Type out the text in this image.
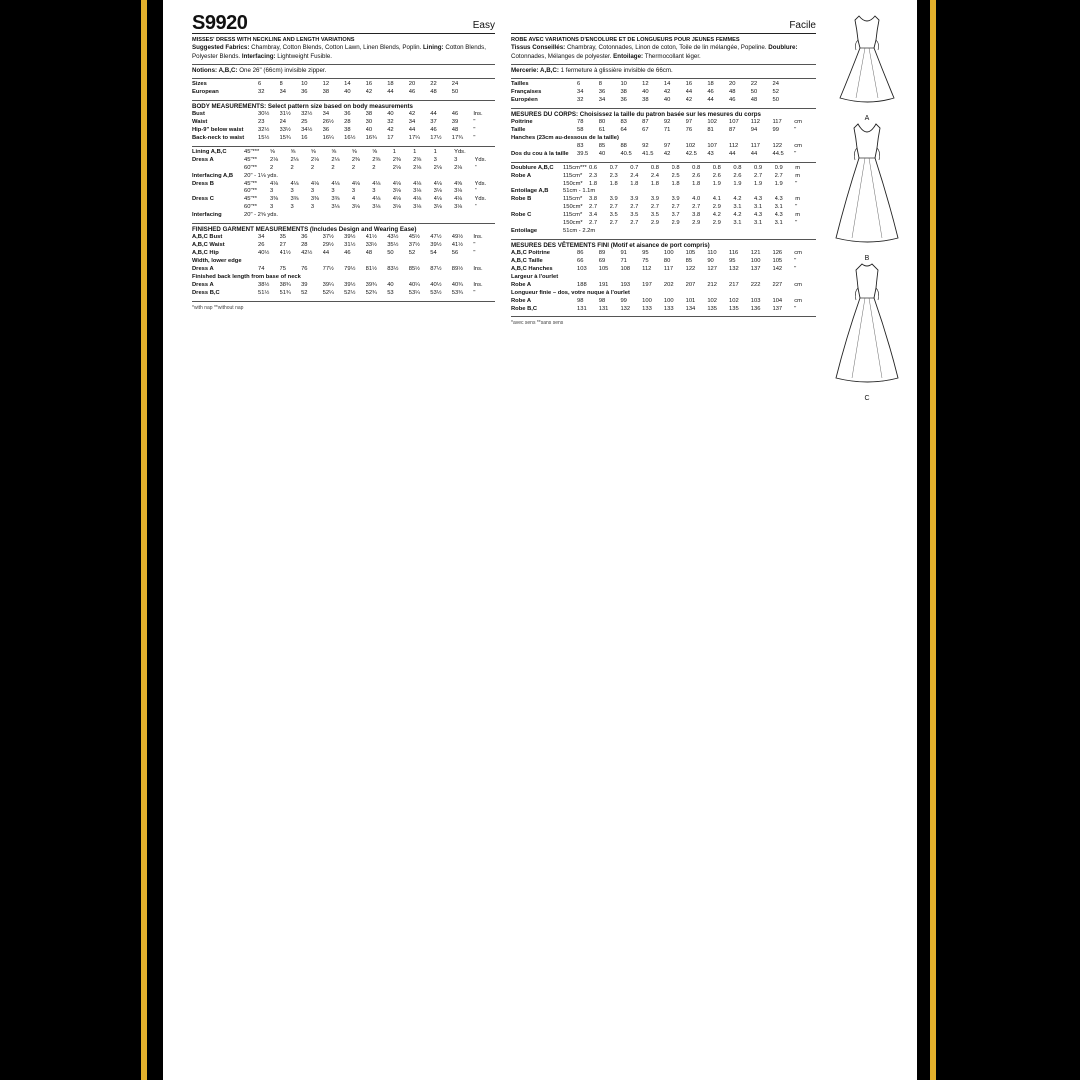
S9920	Easy
MISSES' DRESS WITH NECKLINE AND LENGTH VARIATIONS

Suggested Fabrics: Chambray, Cotton Blends, Cotton Lawn, Linen Blends, Poplin. Lining: Cotton Blends, Polyester Blends. Interfacing: Lightweight Fusible.

Notions: A,B,C: One 26" (66cm) invisible zipper.
Sizes	6	8	10	12	14	16	18	20	22	24
European	32	34	36	38	40	42	44	46	48	50
BODY MEASUREMENTS: Select pattern size based on body measurements
Bust	30½	31½	32½	34	36	38	40	42	44	46	Ins.
Waist	23	24	25	26½	28	30	32	34	37	39	"
Hip-9" below waist	32½	33½	34½	36	38	40	42	44	46	48	"
Back-neck to waist	15½	15¾	16	16¼	16½	16¾	17	17¼	17½	17¾	"
Lining A,B,C	45"***	⅝	⅝	⅝	⅝	⅝	⅝	1	1	1	Yds.	
Dress A	45"**	2⅛	2⅛	2⅛	2⅛	2⅜	2⅜	2⅜	2⅜	3	3	Yds.
	60"**	2	2	2	2	2	2	2⅛	2⅛	2⅛	2⅛	"
Interfacing A,B	20" - 1⅛ yds.											
Dress B	45"**	4⅛	4⅛	4⅛	4⅛	4⅛	4⅛	4⅛	4⅛	4⅛	4⅝	Yds.
	60"**	3	3	3	3	3	3	3⅛	3⅛	3⅛	3⅛	"
Dress C	45"**	3⅜	3⅜	3⅜	3⅜	4	4⅛	4⅛	4⅛	4⅛	4⅛	Yds.
	60"**	3	3	3	3⅛	3⅛	3⅛	3⅛	3⅛	3⅛	3⅛	"
Interfacing	20" - 2⅝ yds.											
FINISHED GARMENT MEASUREMENTS (Includes Design and Wearing Ease)
A,B,C Bust	34	35	36	37½	39½	41½	43½	45½	47½	49½	Ins.
A,B,C Waist	26	27	28	29½	31½	33½	35½	37½	39½	41½	"
A,B,C Hip	40½	41½	42½	44	46	48	50	52	54	56	"
Width, lower edge											
Dress A	74	75	76	77½	79½	81½	83½	85½	87½	89½	Ins.
Finished back length from base of neck											
Dress A	38½	38¾	39	39¼	39½	39¾	40	40¼	40½	40¾	Ins.
Dress B,C	51½	51¾	52	52¼	52½	52¾	53	53¼	53½	53¾	"
*with nap **without nap
Facile
ROBE AVEC VARIATIONS D'ENCOLURE ET DE LONGUEURS POUR JEUNES FEMMES

Tissus Conseillés: Chambray, Cotonnades, Linon de coton, Toile de lin mélangée, Popeline. Doublure: Cotonnades, Mélanges de polyester. Entoilage: Thermocollant léger.

Mercerie: A,B,C: 1 fermeture à glissière invisible de 66cm.
Tailles	6	8	10	12	14	16	18	20	22	24
Françaises	34	36	38	40	42	44	46	48	50	52
Européen	32	34	36	38	40	42	44	46	48	50
MESURES DU CORPS: Choisissez la taille du patron basée sur les mesures du corps
Poitrine	78	80	83	87	92	97	102	107	112	117	cm
Taille	58	61	64	67	71	76	81	87	94	99	"
Hanches (23cm au-dessous de la taille)											
	83	85	88	92	97	102	107	112	117	122	cm
Dos du cou à la taille	39.5	40	40.5	41.5	42	42.5	43	44	44	44.5	"
Doublure A,B,C	115cm***	0.6	0.7	0.7	0.8	0.8	0.8	0.8	0.8	0.9	0.9	m
Robe A	115cm*	2.3	2.3	2.4	2.4	2.5	2.6	2.6	2.6	2.7	2.7	m
	150cm*	1.8	1.8	1.8	1.8	1.8	1.8	1.9	1.9	1.9	1.9	"
Entoilage A,B	51cm - 1.1m											
Robe B	115cm*	3.8	3.9	3.9	3.9	3.9	4.0	4.1	4.2	4.3	4.3	m
	150cm*	2.7	2.7	2.7	2.7	2.7	2.7	2.9	3.1	3.1	3.1	"
Robe C	115cm*	3.4	3.5	3.5	3.5	3.7	3.8	4.2	4.2	4.3	4.3	m
	150cm*	2.7	2.7	2.7	2.9	2.9	2.9	2.9	3.1	3.1	3.1	"
Entoilage	51cm - 2.2m											
MESURES DES VÊTEMENTS FINI (Motif et aisance de port compris)
A,B,C Poitrine	86	89	91	95	100	105	110	116	121	126	cm
A,B,C Taille	66	69	71	75	80	85	90	95	100	105	"
A,B,C Hanches	103	105	108	112	117	122	127	132	137	142	"
Largeur à l'ourlet											
Robe A	188	191	193	197	202	207	212	217	222	227	cm
Longueur finie – dos, votre nuque à l'ourlet											
Robe A	98	98	99	100	100	101	102	102	103	104	cm
Robe B,C	131	131	132	133	133	134	135	135	136	137	"
*avec sens **sans sens
A
B
C
